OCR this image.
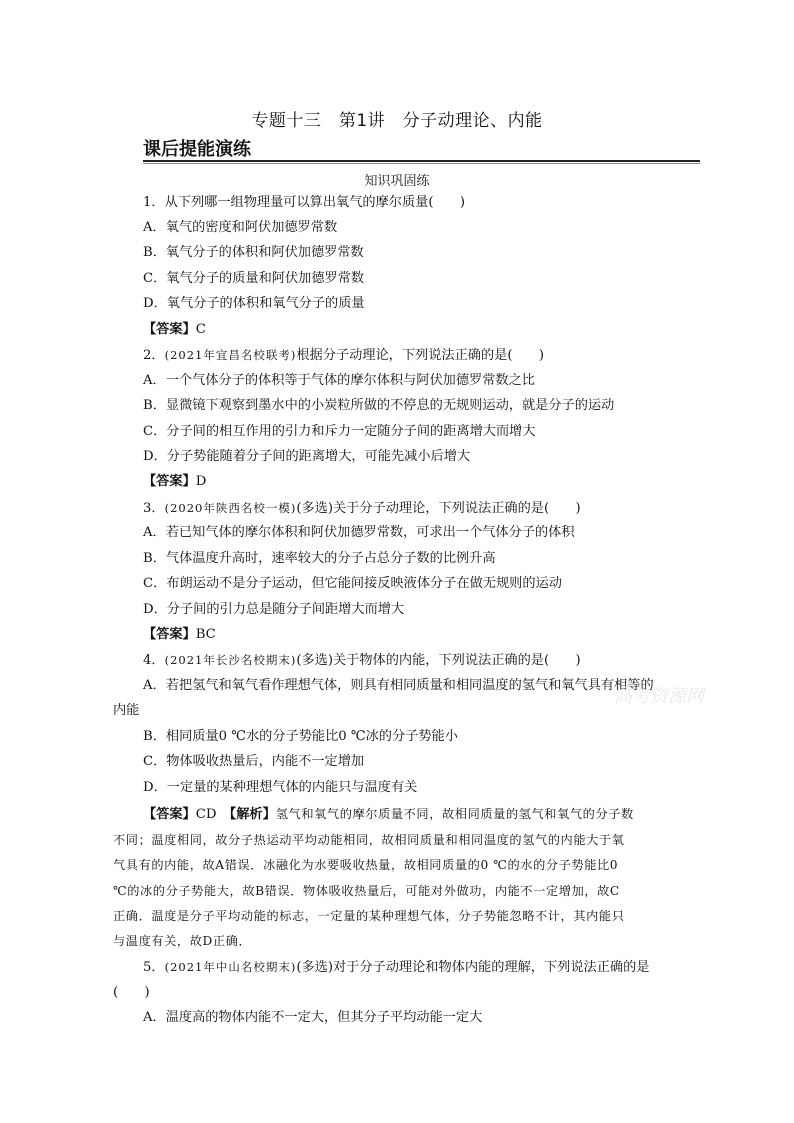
专题十三　第1讲　分子动理论、内能
课后提能演练
知识巩固练
1．从下列哪一组物理量可以算出氧气的摩尔质量(　　)
A．氧气的密度和阿伏加德罗常数
B．氧气分子的体积和阿伏加德罗常数
C．氧气分子的质量和阿伏加德罗常数
D．氧气分子的体积和氧气分子的质量
【答案】C
2．(2021年宜昌名校联考)根据分子动理论，下列说法正确的是(　　)
A．一个气体分子的体积等于气体的摩尔体积与阿伏加德罗常数之比
B．显微镜下观察到墨水中的小炭粒所做的不停息的无规则运动，就是分子的运动
C．分子间的相互作用的引力和斥力一定随分子间的距离增大而增大
D．分子势能随着分子间的距离增大，可能先减小后增大
【答案】D
3．(2020年陕西名校一模)(多选)关于分子动理论，下列说法正确的是(　　)
A．若已知气体的摩尔体积和阿伏加德罗常数，可求出一个气体分子的体积
B．气体温度升高时，速率较大的分子占总分子数的比例升高
C．布朗运动不是分子运动，但它能间接反映液体分子在做无规则的运动
D．分子间的引力总是随分子间距增大而增大
【答案】BC
4．(2021年长沙名校期末)(多选)关于物体的内能，下列说法正确的是(　　)
A．若把氢气和氧气看作理想气体，则具有相同质量和相同温度的氢气和氧气具有相等的
内能
B．相同质量0 ℃水的分子势能比0 ℃冰的分子势能小
C．物体吸收热量后，内能不一定增加
D．一定量的某种理想气体的内能只与温度有关
【答案】CD　 【解析】氢气和氧气的摩尔质量不同，故相同质量的氢气和氧气的分子数
不同；温度相同，故分子热运动平均动能相同，故相同质量和相同温度的氢气的内能大于氧
气具有的内能，故A错误．冰融化为水要吸收热量，故相同质量的0 ℃的水的分子势能比0
℃的冰的分子势能大，故B错误．物体吸收热量后，可能对外做功，内能不一定增加，故C
正确．温度是分子平均动能的标志，一定量的某种理想气体，分子势能忽略不计，其内能只
与温度有关，故D正确．
5．(2021年中山名校期末)(多选)对于分子动理论和物体内能的理解，下列说法正确的是
(　　)
A．温度高的物体内能不一定大，但其分子平均动能一定大
高考资源网
